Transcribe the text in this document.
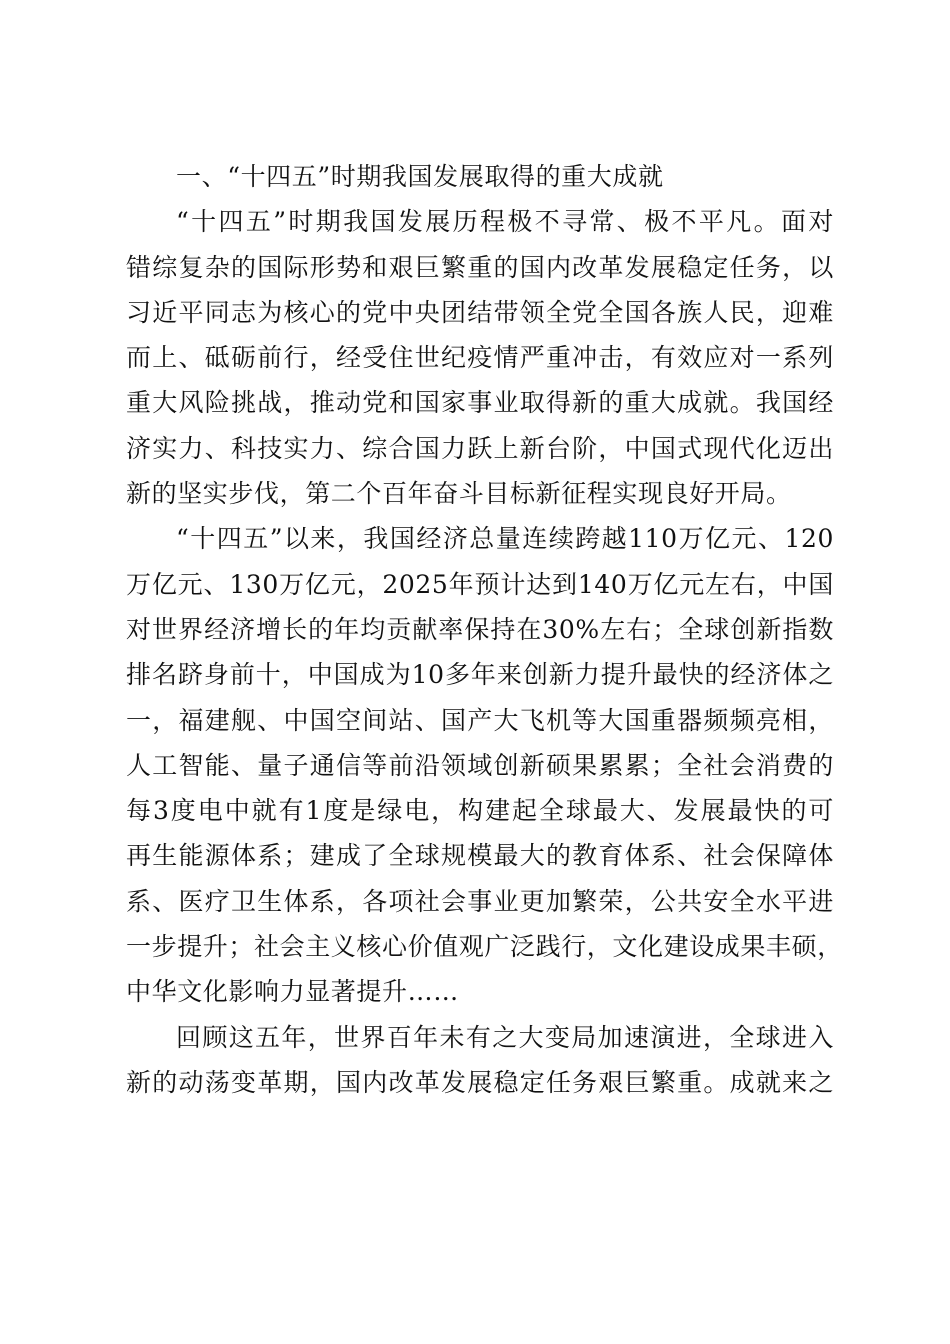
一、“十四五”时期我国发展取得的重大成就
“十四五”时期我国发展历程极不寻常、极不平凡。面对
错综复杂的国际形势和艰巨繁重的国内改革发展稳定任务，以
习近平同志为核心的党中央团结带领全党全国各族人民，迎难
而上、砥砺前行，经受住世纪疫情严重冲击，有效应对一系列
重大风险挑战，推动党和国家事业取得新的重大成就。我国经
济实力、科技实力、综合国力跃上新台阶，中国式现代化迈出
新的坚实步伐，第二个百年奋斗目标新征程实现良好开局。
“十四五”以来，我国经济总量连续跨越110万亿元、120
万亿元、130万亿元，2025年预计达到140万亿元左右，中国
对世界经济增长的年均贡献率保持在30%左右；全球创新指数
排名跻身前十，中国成为10多年来创新力提升最快的经济体之
一，福建舰、中国空间站、国产大飞机等大国重器频频亮相，
人工智能、量子通信等前沿领域创新硕果累累；全社会消费的
每3度电中就有1度是绿电，构建起全球最大、发展最快的可
再生能源体系；建成了全球规模最大的教育体系、社会保障体
系、医疗卫生体系，各项社会事业更加繁荣，公共安全水平进
一步提升；社会主义核心价值观广泛践行，文化建设成果丰硕，
中华文化影响力显著提升……
回顾这五年，世界百年未有之大变局加速演进，全球进入
新的动荡变革期，国内改革发展稳定任务艰巨繁重。成就来之
